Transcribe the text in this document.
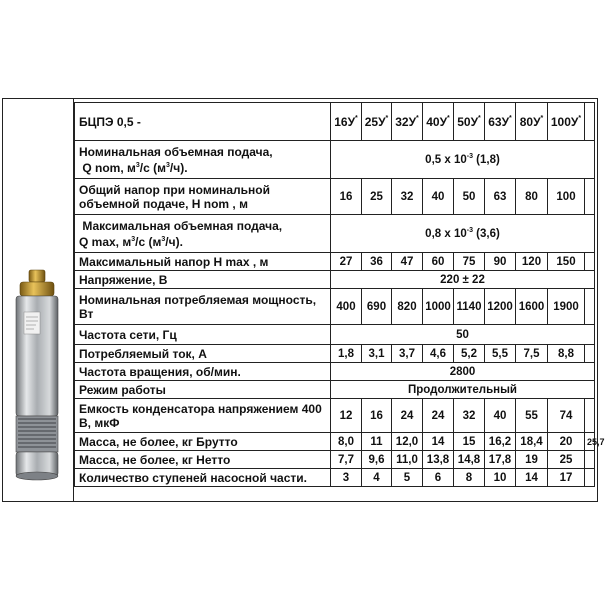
БЦПЭ 0,5 -	16У*	25У*	32У*	40У*	50У*	63У*	80У*	100У*	
Номинальная объемная подача,
Q nom, $м^3/с$ $(м^3/ч)$.	0,5 x $10^{-3}$ (1,8)								
Общий напор при номинальной объемной подаче, H nom , м	16	25	32	40	50	63	80	100	
Максимальная объемная подача,
Q max, $м^3/с$ $(м^3/ч)$.	0,8 x $10^{-3}$ (3,6)								
Максимальный напор H max , м	27	36	47	60	75	90	120	150	
Напряжение, В	220 ± 22								
Номинальная потребляемая мощность, Вт	400	690	820	1000	1140	1200	1600	1900	
Частота сети, Гц	50								
Потребляемый ток, А	1,8	3,1	3,7	4,6	5,2	5,5	7,5	8,8	
Частота вращения, об/мин.	2800								
Режим работы	Продолжительный								
Емкость конденсатора напряжением 400 В, мкФ	12	16	24	24	32	40	55	74	
Масса, не более, кг Брутто	8,0	11	12,0	14	15	16,2	18,4	20	25,7
Масса, не более, кг Нетто	7,7	9,6	11,0	13,8	14,8	17,8	19	25	
Количество ступеней насосной части.	3	4	5	6	8	10	14	17	
